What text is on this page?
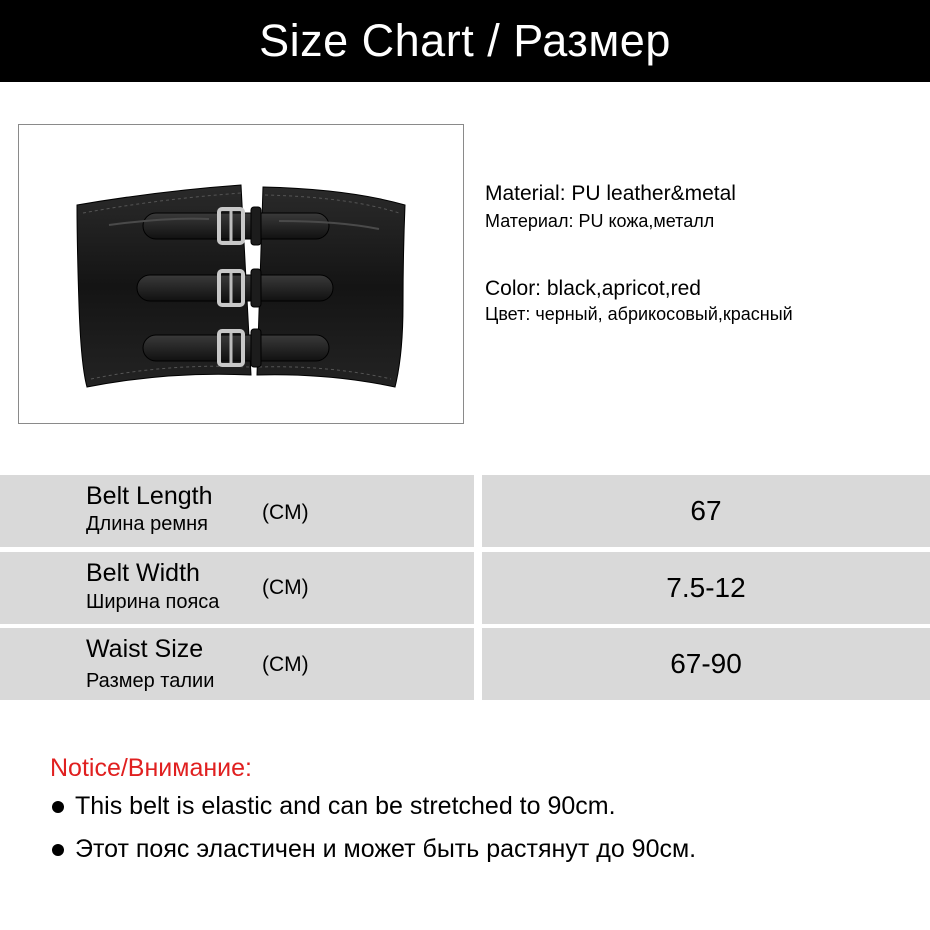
Size Chart / Размер
Material: PU leather&metal
Материал: PU кожа,металл
Color: black,apricot,red
Цвет: черный, абрикосовый,красный
Belt Length
Длина ремня	(CM)	67
Belt Width
Ширина пояса
(CM)	7.5-12
Waist Size
Размер талии
(CM)	67-90
Notice/Внимание:
This belt is elastic and can be stretched to 90cm.
Этот пояс эластичен и может быть растянут до 90см.
